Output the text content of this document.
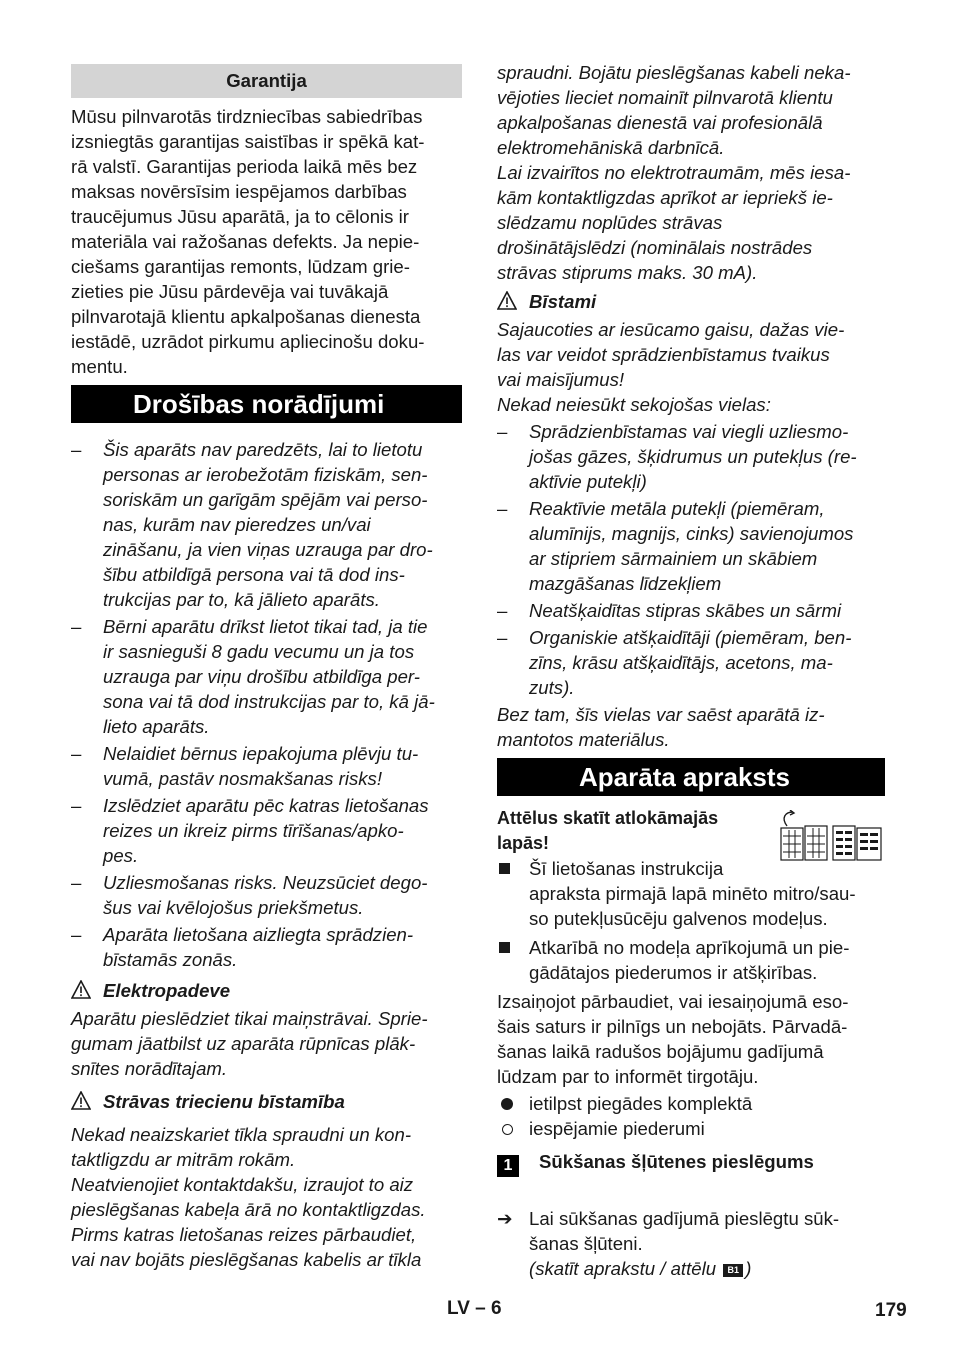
Garantija

Mūsu pilnvarotās tirdzniecības sabiedrības
izsniegtās garantijas saistības ir spēkā kat-
rā valstī. Garantijas perioda laikā mēs bez
maksas novērsīsim iespējamos darbības
traucējumus Jūsu aparātā, ja to cēlonis ir
materiāla vai ražošanas defekts. Ja nepie-
ciešams garantijas remonts, lūdzam grie-
zieties pie Jūsu pārdevēja vai tuvākajā
pilnvarotajā klientu apkalpošanas dienesta
iestādē, uzrādot pirkumu apliecinošu doku-
mentu.

Drošības norādījumi
– Šis aparāts nav paredzēts, lai to lietotu
personas ar ierobežotām fiziskām, sen-
soriskām un garīgām spējām vai perso-
nas, kurām nav pieredzes un/vai
zināšanu, ja vien viņas uzrauga par dro-
šību atbildīgā persona vai tā dod ins-
trukcijas par to, kā jālieto aparāts.
– Bērni aparātu drīkst lietot tikai tad, ja tie
ir sasnieguši 8 gadu vecumu un ja tos
uzrauga par viņu drošību atbildīga per-
sona vai tā dod instrukcijas par to, kā jā-
lieto aparāts.
– Nelaidiet bērnus iepakojuma plēvju tu-
vumā, pastāv nosmakšanas risks!
– Izslēdziet aparātu pēc katras lietošanas
reizes un ikreiz pirms tīrīšanas/apko-
pes.
– Uzliesmošanas risks. Neuzsūciet dego-
šus vai kvēlojošus priekšmetus.
– Aparāta lietošana aizliegta sprādzien-
bīstamās zonās.
Elektropadeve

Aparātu pieslēdziet tikai maiņstrāvai. Sprie-
gumam jāatbilst uz aparāta rūpnīcas plāk-
snītes norādītajam.

Strāvas triecienu bīstamība

Nekad neaizskariet tīkla spraudni un kon-
taktligzdu ar mitrām rokām.
Neatvienojiet kontaktdakšu, izraujot to aiz
pieslēgšanas kabeļa ārā no kontaktligzdas.
Pirms katras lietošanas reizes pārbaudiet,
vai nav bojāts pieslēgšanas kabelis ar tīkla

spraudni. Bojātu pieslēgšanas kabeli neka-
vējoties lieciet nomainīt pilnvarotā klientu
apkalpošanas dienestā vai profesionālā
elektromehāniskā darbnīcā.
Lai izvairītos no elektrotraumām, mēs iesa-
kām kontaktligzdas aprīkot ar iepriekš ie-
slēdzamu noplūdes strāvas
drošinātājslēdzi (nominālais nostrādes
strāvas stiprums maks. 30 mA).

Bīstami

Sajaucoties ar iesūcamo gaisu, dažas vie-
las var veidot sprādzienbīstamus tvaikus
vai maisījumus!
Nekad neiesūkt sekojošas vielas:

– Sprādzienbīstamas vai viegli uzliesmo-
jošas gāzes, šķidrumus un putekļus (re-
aktīvie putekļi)
– Reaktīvie metāla putekļi (piemēram,
alumīnijs, magnijs, cinks) savienojumos
ar stipriem sārmainiem un skābiem
mazgāšanas līdzekļiem
– Neatšķaidītas stipras skābes un sārmi
– Organiskie atšķaidītāji (piemēram, ben-
zīns, krāsu atšķaidītājs, acetons, ma-
zuts).

Bez tam, šīs vielas var saēst aparātā iz-
mantotos materiālus.

Aparāta apraksts

Attēlus skatīt atlokāmajās
lapās!

Šī lietošanas instrukcija
apraksta pirmajā lapā minēto mitro/sau-
so putekļusūcēju galvenos modeļus.
Atkarībā no modeļa aprīkojumā un pie-
gādātajos piederumos ir atšķirības.

Izsaiņojot pārbaudiet, vai iesaiņojumā eso-
šais saturs ir pilnīgs un nebojāts. Pārvadā-
šanas laikā radušos bojājumu gadījumā
lūdzam par to informēt tirgotāju.

ietilpst piegādes komplektā
iespējamie piederumi
1	Sūkšanas šļūtenes pieslēgums
➔ Lai sūkšanas gadījumā pieslēgtu sūk-
šanas šļūteni.

(skatīt aprakstu / attēlu B1 )

LV – 6	179
